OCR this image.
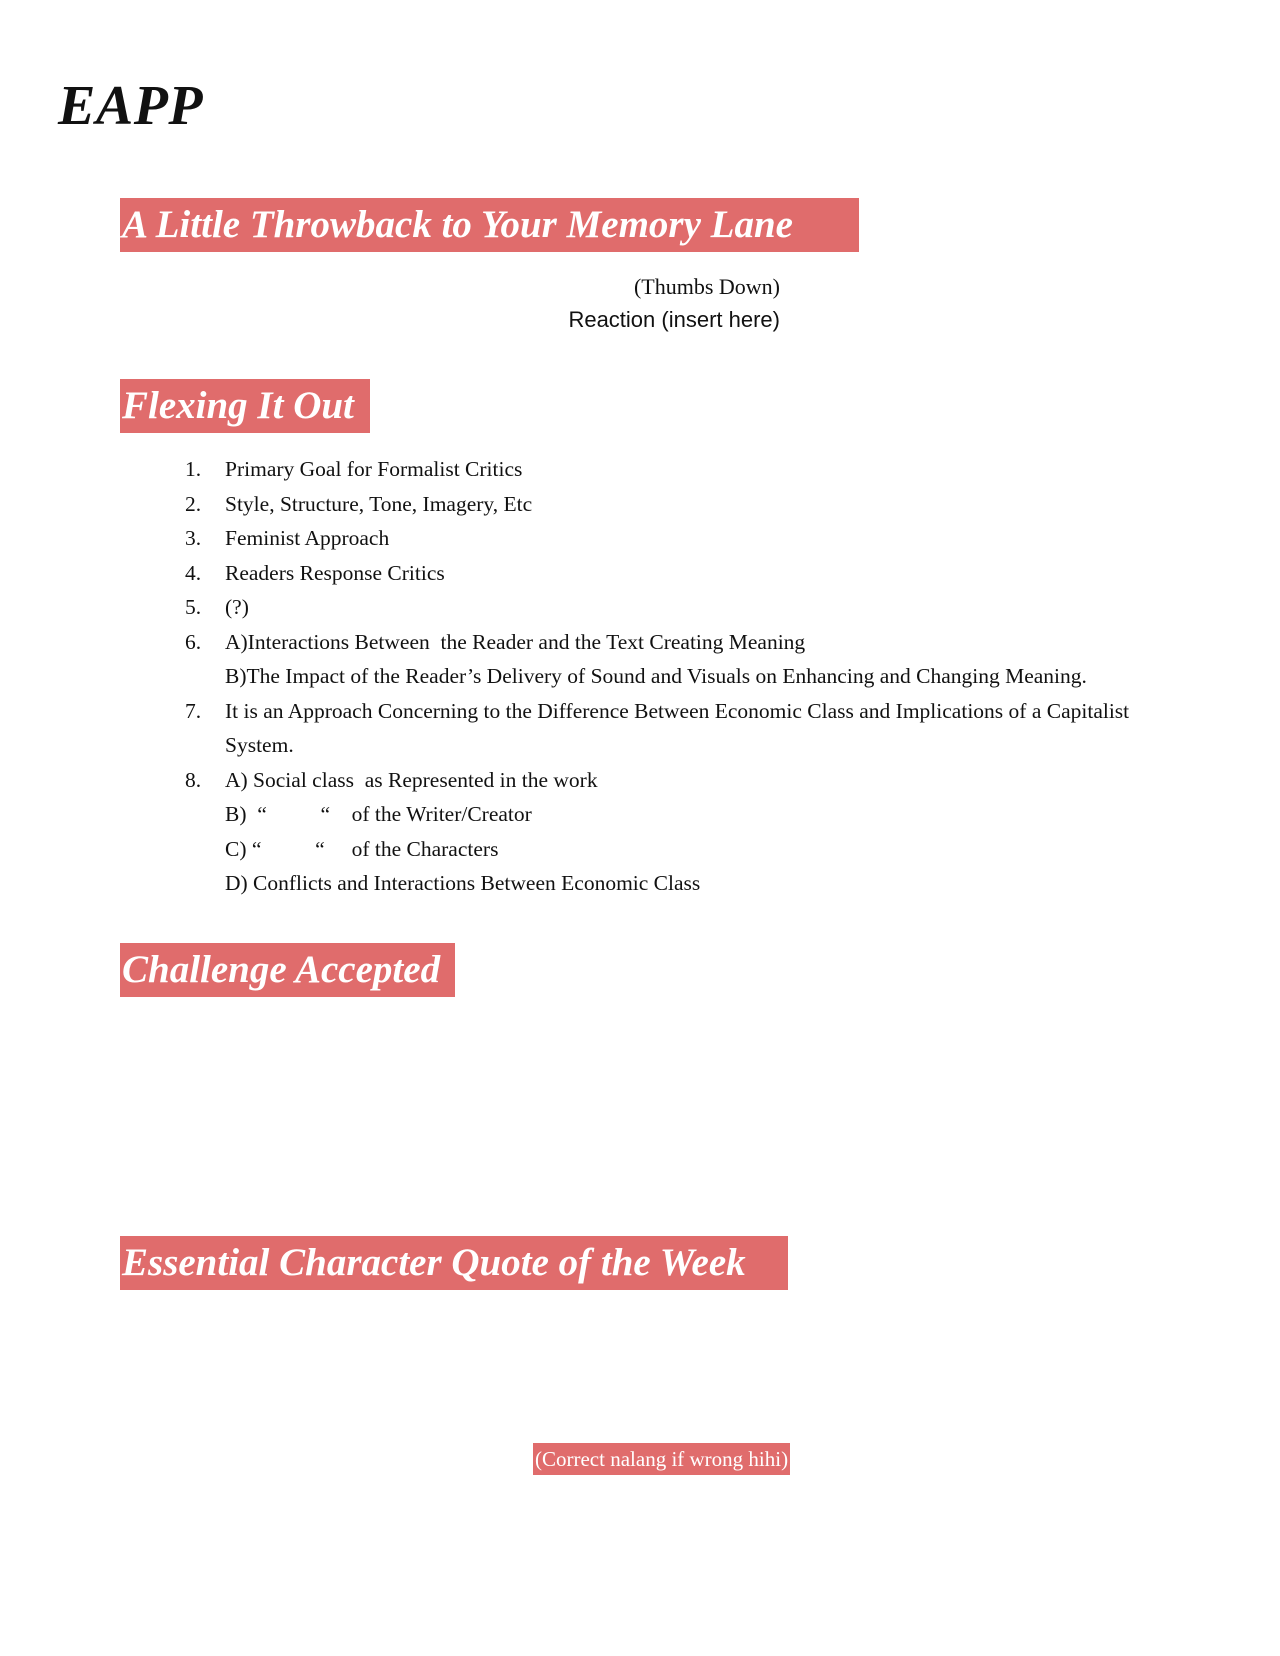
EAPP
A Little Throwback to Your Memory Lane
(Thumbs Down)
Reaction (insert here)
Flexing It Out
1. Primary Goal for Formalist Critics
2. Style, Structure, Tone, Imagery, Etc
3. Feminist Approach
4. Readers Response Critics
5. (?)
6. A)Interactions Between  the Reader and the Text Creating Meaning
B)The Impact of the Reader’s Delivery of Sound and Visuals on Enhancing and Changing Meaning.
7. It is an Approach Concerning to the Difference Between Economic Class and Implications of a Capitalist System.
8. A) Social class  as Represented in the work
B)  “          “    of the Writer/Creator
C) “          “     of the Characters
D) Conflicts and Interactions Between Economic Class
Challenge Accepted
Essential Character Quote of the Week
(Correct nalang if wrong hihi)
